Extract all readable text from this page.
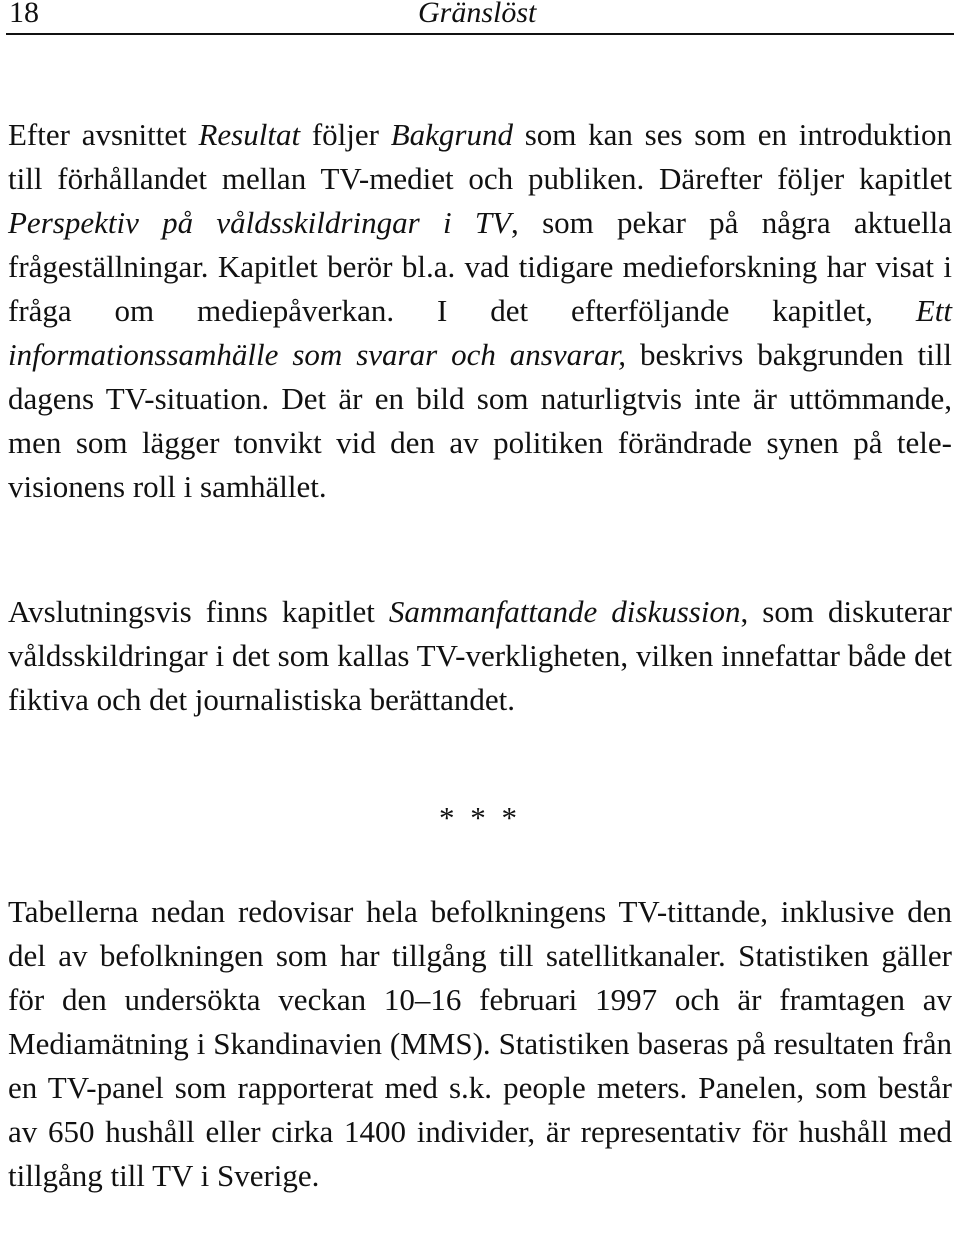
18	Gränslöst

Efter avsnittet Resultat följer Bakgrund som kan ses som en introduktion till förhållandet mellan TV-mediet och publiken. Därefter följer kapitlet Perspektiv på våldsskildringar i TV, som pekar på några aktuella frågeställningar. Kapitlet berör bl.a. vad tidigare medieforskning har visat i fråga om mediepåverkan. I det efterföljande kapitlet, Ett informationssamhälle som svarar och ansvarar, beskrivs bakgrunden till dagens TV-situation. Det är en bild som naturligtvis inte är uttömmande, men som lägger tonvikt vid den av politiken förändrade synen på televisionens roll i samhället.

Avslutningsvis finns kapitlet Sammanfattande diskussion, som diskuterar våldsskildringar i det som kallas TV-verkligheten, vilken innefattar både det fiktiva och det journalistiska berättandet.

* * *

Tabellerna nedan redovisar hela befolkningens TV-tittande, inklusive den del av befolkningen som har tillgång till satellitkanaler. Statistiken gäller för den undersökta veckan 10–16 februari 1997 och är framtagen av Mediamätning i Skandinavien (MMS). Statistiken baseras på resultaten från en TV-panel som rapporterat med s.k. people meters. Panelen, som består av 650 hushåll eller cirka 1400 individer, är representativ för hushåll med tillgång till TV i Sverige.
